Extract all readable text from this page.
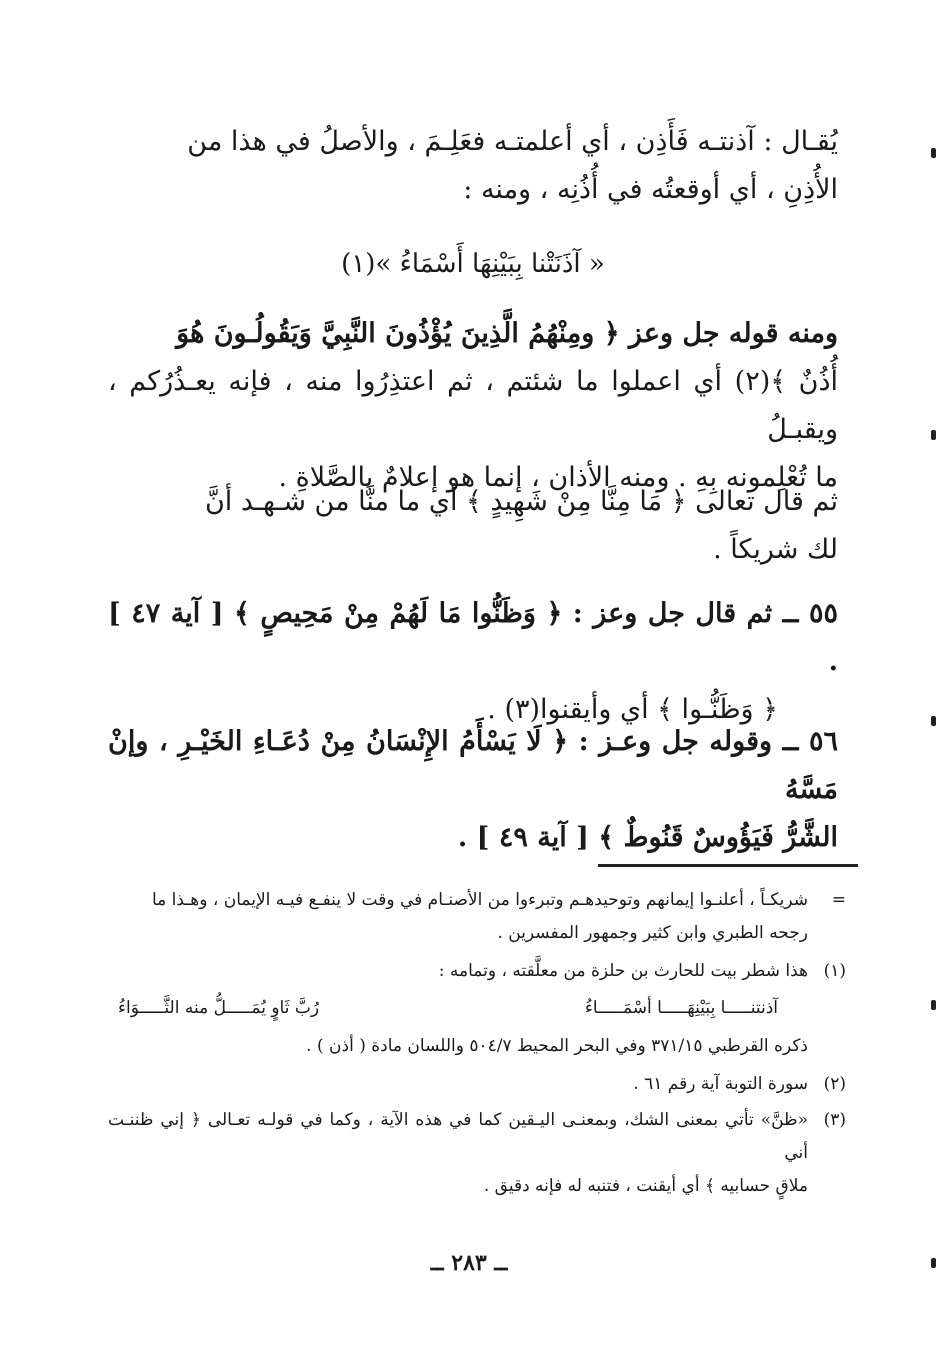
يُقـال : آذنتـه فَأَذِن ، أي أعلمتـه فعَلِـمَ ، والأصلُ في هذا من
الأُذِنِ ، أي أوقعتُه في أُذُنِه ، ومنه :
« آذَنَتْنا بِبَيْنِهَا أَسْمَاءُ »(١)
ومنه قوله جل وعز ﴿ ومِنْهُمُ الَّذِينَ يُؤْذُونَ النَّبِيَّ وَيَقُولُـونَ هُوَ
أُذُنٌ ﴾(٢) أي اعملوا ما شئتم ، ثم اعتذِرُوا منه ، فإنه يعـذُرُكم ، ويقبـلُ
ما تُعْلِمونه بِهِ . ومنه الأذان ، إنما هو إعلامٌ بالصَّلاةِ .
ثم قال تعالى ﴿ مَا مِنَّا مِنْ شَهِيدٍ ﴾ أي ما منَّا من شـهـد أنَّ
لك شريكاً .
٥٥ ــ ثم قال جل وعز : ﴿ وَظَنُّوا مَا لَهُمْ مِنْ مَحِيصٍ ﴾ [ آية ٤٧ ] .
﴿ وَظَنُّـوا ﴾ أي وأيقنوا(٣) .
٥٦ ــ وقوله جل وعـز : ﴿ لَا يَسْأَمُ الإِنْسَانُ مِنْ دُعَـاءِ الخَيْـرِ ، وإنْ مَسَّهُ
الشَّرُّ فَيَؤُوسٌ قَنُوطٌ ﴾ [ آية ٤٩ ] .
=
شريكـاً ، أعلنـوا إيمانهم وتوحيدهـم وتبرءوا من الأصنـام في وقت لا ينفـع فيـه الإيمان ، وهـذا ما
رجحه الطبري وابن كثير وجمهور المفسرين .
(١)
هذا شطر بيت للحارث بن حلزة من معلَّقته ، وتمامه :
آذنتنـــــا بِبَيْنِهَـــــا أسْمَـــــاءُ
رُبَّ ثَاوٍ يُمَـــــلُّ منه الثَّـــــوَاءُ
ذكره القرطبي ٣٧١/١٥ وفي البحر المحيط ٥٠٤/٧ واللسان مادة ( أذن ) .
(٢)
سورة التوبة آية رقم ٦١ .
(٣)
«ظنَّ» تأتي بمعنى الشك، وبمعنـى اليـقين كما في هذه الآية ، وكما في قولـه تعـالى ﴿ إني ظننـت أني
ملاقٍ حسابيه ﴾ أي أيقنت ، فتنبه له فإنه دقيق .
ــ ٢٨٣ ــ
